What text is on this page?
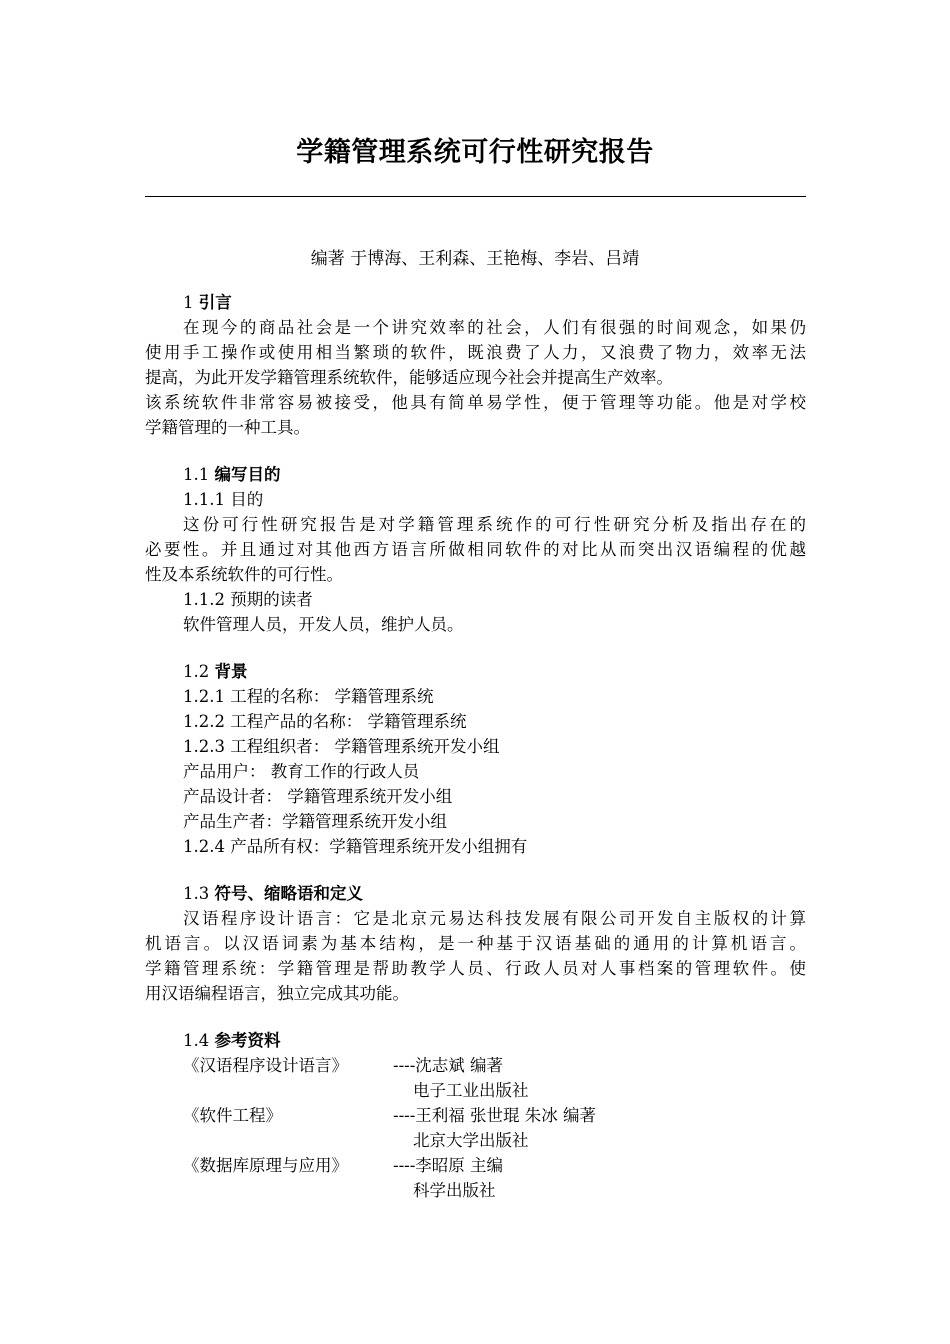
学籍管理系统可行性研究报告
编著 于博海、王利森、王艳梅、李岩、吕靖
1 引言
在现今的商品社会是一个讲究效率的社会，人们有很强的时间观念，如果仍
使用手工操作或使用相当繁琐的软件，既浪费了人力，又浪费了物力，效率无法
提高，为此开发学籍管理系统软件，能够适应现今社会并提高生产效率。
该系统软件非常容易被接受，他具有简单易学性，便于管理等功能。他是对学校
学籍管理的一种工具。
1.1 编写目的
1.1.1 目的
这份可行性研究报告是对学籍管理系统作的可行性研究分析及指出存在的
必要性。并且通过对其他西方语言所做相同软件的对比从而突出汉语编程的优越
性及本系统软件的可行性。
1.1.2 预期的读者
软件管理人员，开发人员，维护人员。
1.2 背景
1.2.1 工程的名称： 学籍管理系统
1.2.2 工程产品的名称： 学籍管理系统
1.2.3 工程组织者： 学籍管理系统开发小组
产品用户： 教育工作的行政人员
产品设计者： 学籍管理系统开发小组
产品生产者：学籍管理系统开发小组
1.2.4 产品所有权：学籍管理系统开发小组拥有
1.3 符号、缩略语和定义
汉语程序设计语言：它是北京元易达科技发展有限公司开发自主版权的计算
机语言。以汉语词素为基本结构，是一种基于汉语基础的通用的计算机语言。
学籍管理系统：学籍管理是帮助教学人员、行政人员对人事档案的管理软件。使
用汉语编程语言，独立完成其功能。
1.4 参考资料
《汉语程序设计语言》	----沈志斌 编著
电子工业出版社
《软件工程》	----王利福 张世琨 朱冰 编著
北京大学出版社
《数据库原理与应用》	----李昭原 主编
科学出版社
